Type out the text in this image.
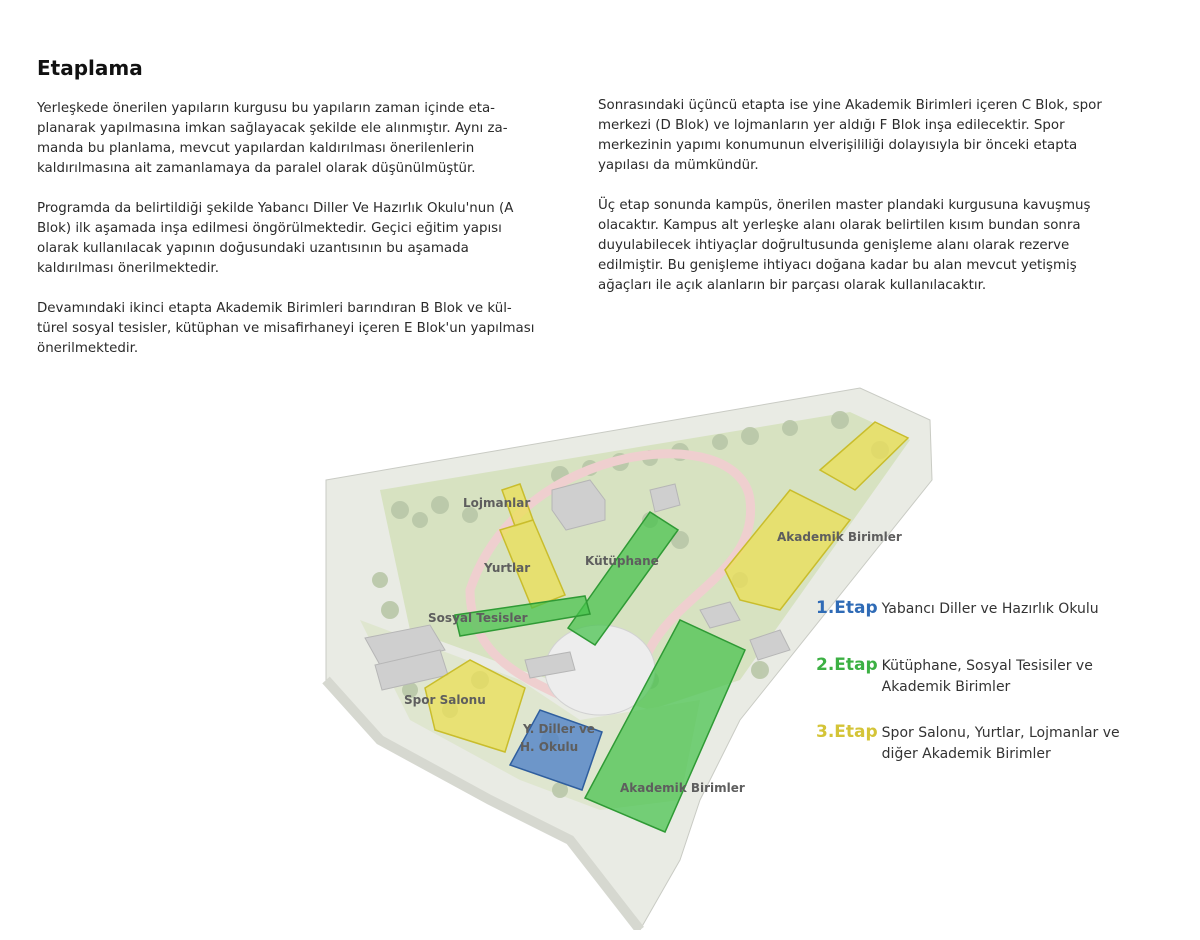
Etaplama

Yerleşkede önerilen yapıların kurgusu bu yapıların zaman içinde eta-planarak yapılmasına imkan sağlayacak şekilde ele alınmıştır. Aynı za-manda bu planlama, mevcut yapılardan kaldırılması önerilenlerin kaldırılmasına ait zamanlamaya da paralel olarak düşünülmüştür.

Programda da belirtildiği şekilde Yabancı Diller Ve Hazırlık Okulu'nun (A Blok) ilk aşamada inşa edilmesi öngörülmektedir. Geçici eğitim yapısı olarak kullanılacak yapının doğusundaki uzantısının bu aşamada kaldırılması önerilmektedir.

Devamındaki ikinci etapta Akademik Birimleri barındıran B Blok ve kül-türel sosyal tesisler, kütüphan ve misafirhaneyi içeren E Blok'un yapılması önerilmektedir.

Sonrasındaki üçüncü etapta ise yine Akademik Birimleri içeren C Blok, spor merkezi (D Blok) ve lojmanların yer aldığı F Blok inşa edilecektir. Spor merkezinin yapımı konumunun elverişililiği dolayısıyla bir önceki etapta yapılası da mümkündür.

Üç etap sonunda kampüs, önerilen master plandaki kurgusuna kavuşmuş olacaktır. Kampus alt yerleşke alanı olarak belirtilen kısım bundan sonra duyulabilecek ihtiyaçlar doğrultusunda genişleme alanı olarak rezerve edilmiştir. Bu genişleme ihtiyacı doğana kadar bu alan mevcut yetişmiş ağaçları ile açık alanların bir parçası olarak kullanılacaktır.

Lojmanlar
Yurtlar	Kütüphane
Sosyal Tesisler
Spor Salonu
Y. Diller ve
H. Okulu
Akademik Birimler
Akademik Birimler
1.Etap Yabancı Diller ve Hazırlık Okulu
2.Etap Kütüphane, Sosyal Tesisiler ve
Akademik Birimler
3.Etap Spor Salonu, Yurtlar, Lojmanlar ve
diğer Akademik Birimler
